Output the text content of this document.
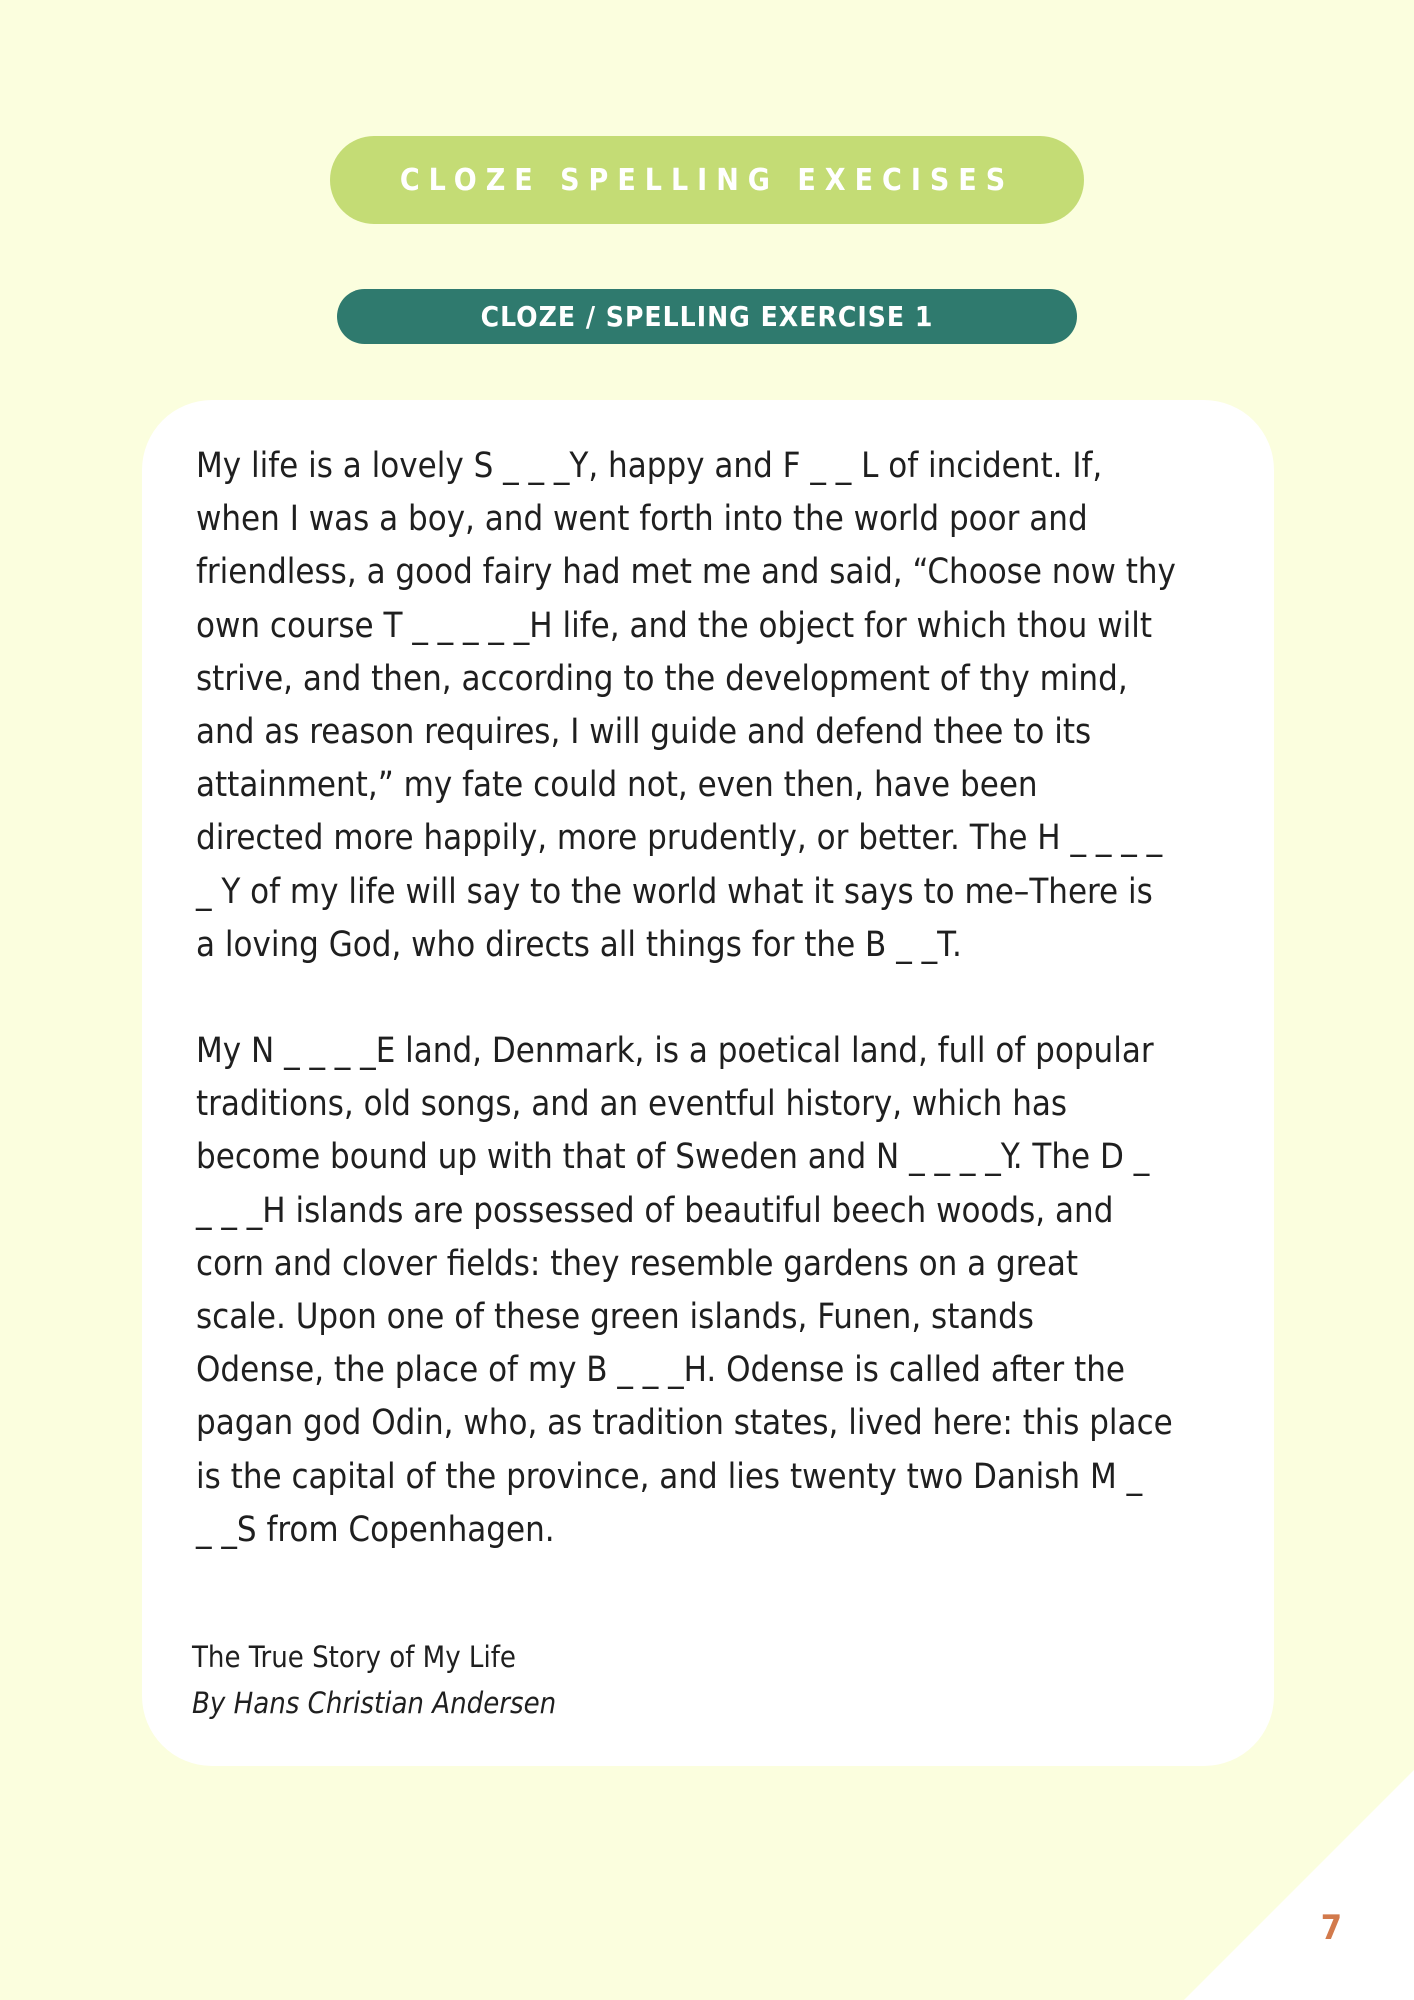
CLOZE SPELLING EXECISES
CLOZE / SPELLING EXERCISE 1

My life is a lovely S _ _ _Y, happy and F _ _ L of incident. If,
when I was a boy, and went forth into the world poor and
friendless, a good fairy had met me and said, “Choose now thy
own course T _ _ _ _ _H life, and the object for which thou wilt
strive, and then, according to the development of thy mind,
and as reason requires, I will guide and defend thee to its
attainment,” my fate could not, even then, have been
directed more happily, more prudently, or better. The H _ _ _ _
_ Y of my life will say to the world what it says to me–There is
a loving God, who directs all things for the B _ _T.

My N _ _ _ _E land, Denmark, is a poetical land, full of popular
traditions, old songs, and an eventful history, which has
become bound up with that of Sweden and N _ _ _ _Y. The D _
_ _ _H islands are possessed of beautiful beech woods, and
corn and clover fields: they resemble gardens on a great
scale. Upon one of these green islands, Funen, stands
Odense, the place of my B _ _ _H. Odense is called after the
pagan god Odin, who, as tradition states, lived here: this place
is the capital of the province, and lies twenty two Danish M _
_ _S from Copenhagen.

The True Story of My Life
By Hans Christian Andersen
7
